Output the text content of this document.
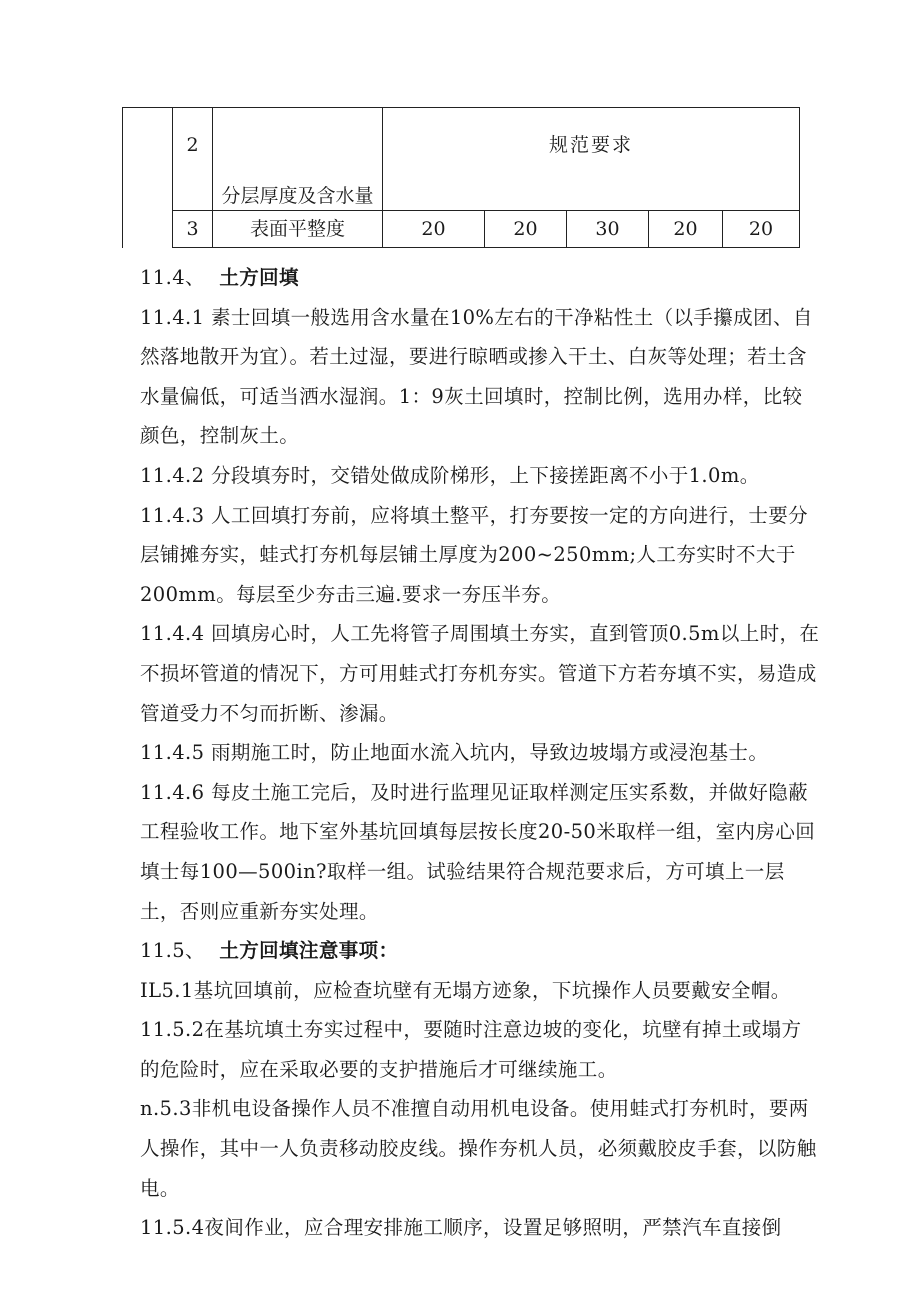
	2	分层厚度及含水量	规范要求				
	3	表面平整度	20	20	30	20	20

11.4、 土方回填

11.4.1 素士回填一般选用含水量在10%左右的干净粘性土（以手攥成团、自然落地散开为宜）。若土过湿，要进行晾晒或掺入干土、白灰等处理；若土含水量偏低，可适当洒水湿润。1：9灰土回填时，控制比例，选用办样，比较颜色，控制灰土。

11.4.2 分段填夯时，交错处做成阶梯形，上下接搓距离不小于1.0m。

11.4.3 人工回填打夯前，应将填土整平，打夯要按一定的方向进行，士要分层铺摊夯实，蛙式打夯机每层铺土厚度为200~250mm;人工夯实时不大于200mm。每层至少夯击三遍.要求一夯压半夯。

11.4.4 回填房心时，人工先将管子周围填土夯实，直到管顶0.5m以上时，在不损坏管道的情况下，方可用蛙式打夯机夯实。管道下方若夯填不实，易造成管道受力不匀而折断、渗漏。

11.4.5 雨期施工时，防止地面水流入坑内，导致边坡塌方或浸泡基士。

11.4.6 每皮土施工完后，及时进行监理见证取样测定压实系数，并做好隐蔽工程验收工作。地下室外基坑回填每层按长度20-50米取样一组，室内房心回填士每100—500in?取样一组。试验结果符合规范要求后，方可填上一层土，否则应重新夯实处理。

11.5、 土方回填注意事项：

IL5.1基坑回填前，应检查坑壁有无塌方迹象，下坑操作人员要戴安全帽。

11.5.2在基坑填土夯实过程中，要随时注意边坡的变化，坑壁有掉土或塌方的危险时，应在采取必要的支护措施后才可继续施工。

n.5.3非机电设备操作人员不准擅自动用机电设备。使用蛙式打夯机时，要两人操作，其中一人负责移动胶皮线。操作夯机人员，必须戴胶皮手套，以防触电。

11.5.4夜间作业，应合理安排施工顺序，设置足够照明，严禁汽车直接倒
